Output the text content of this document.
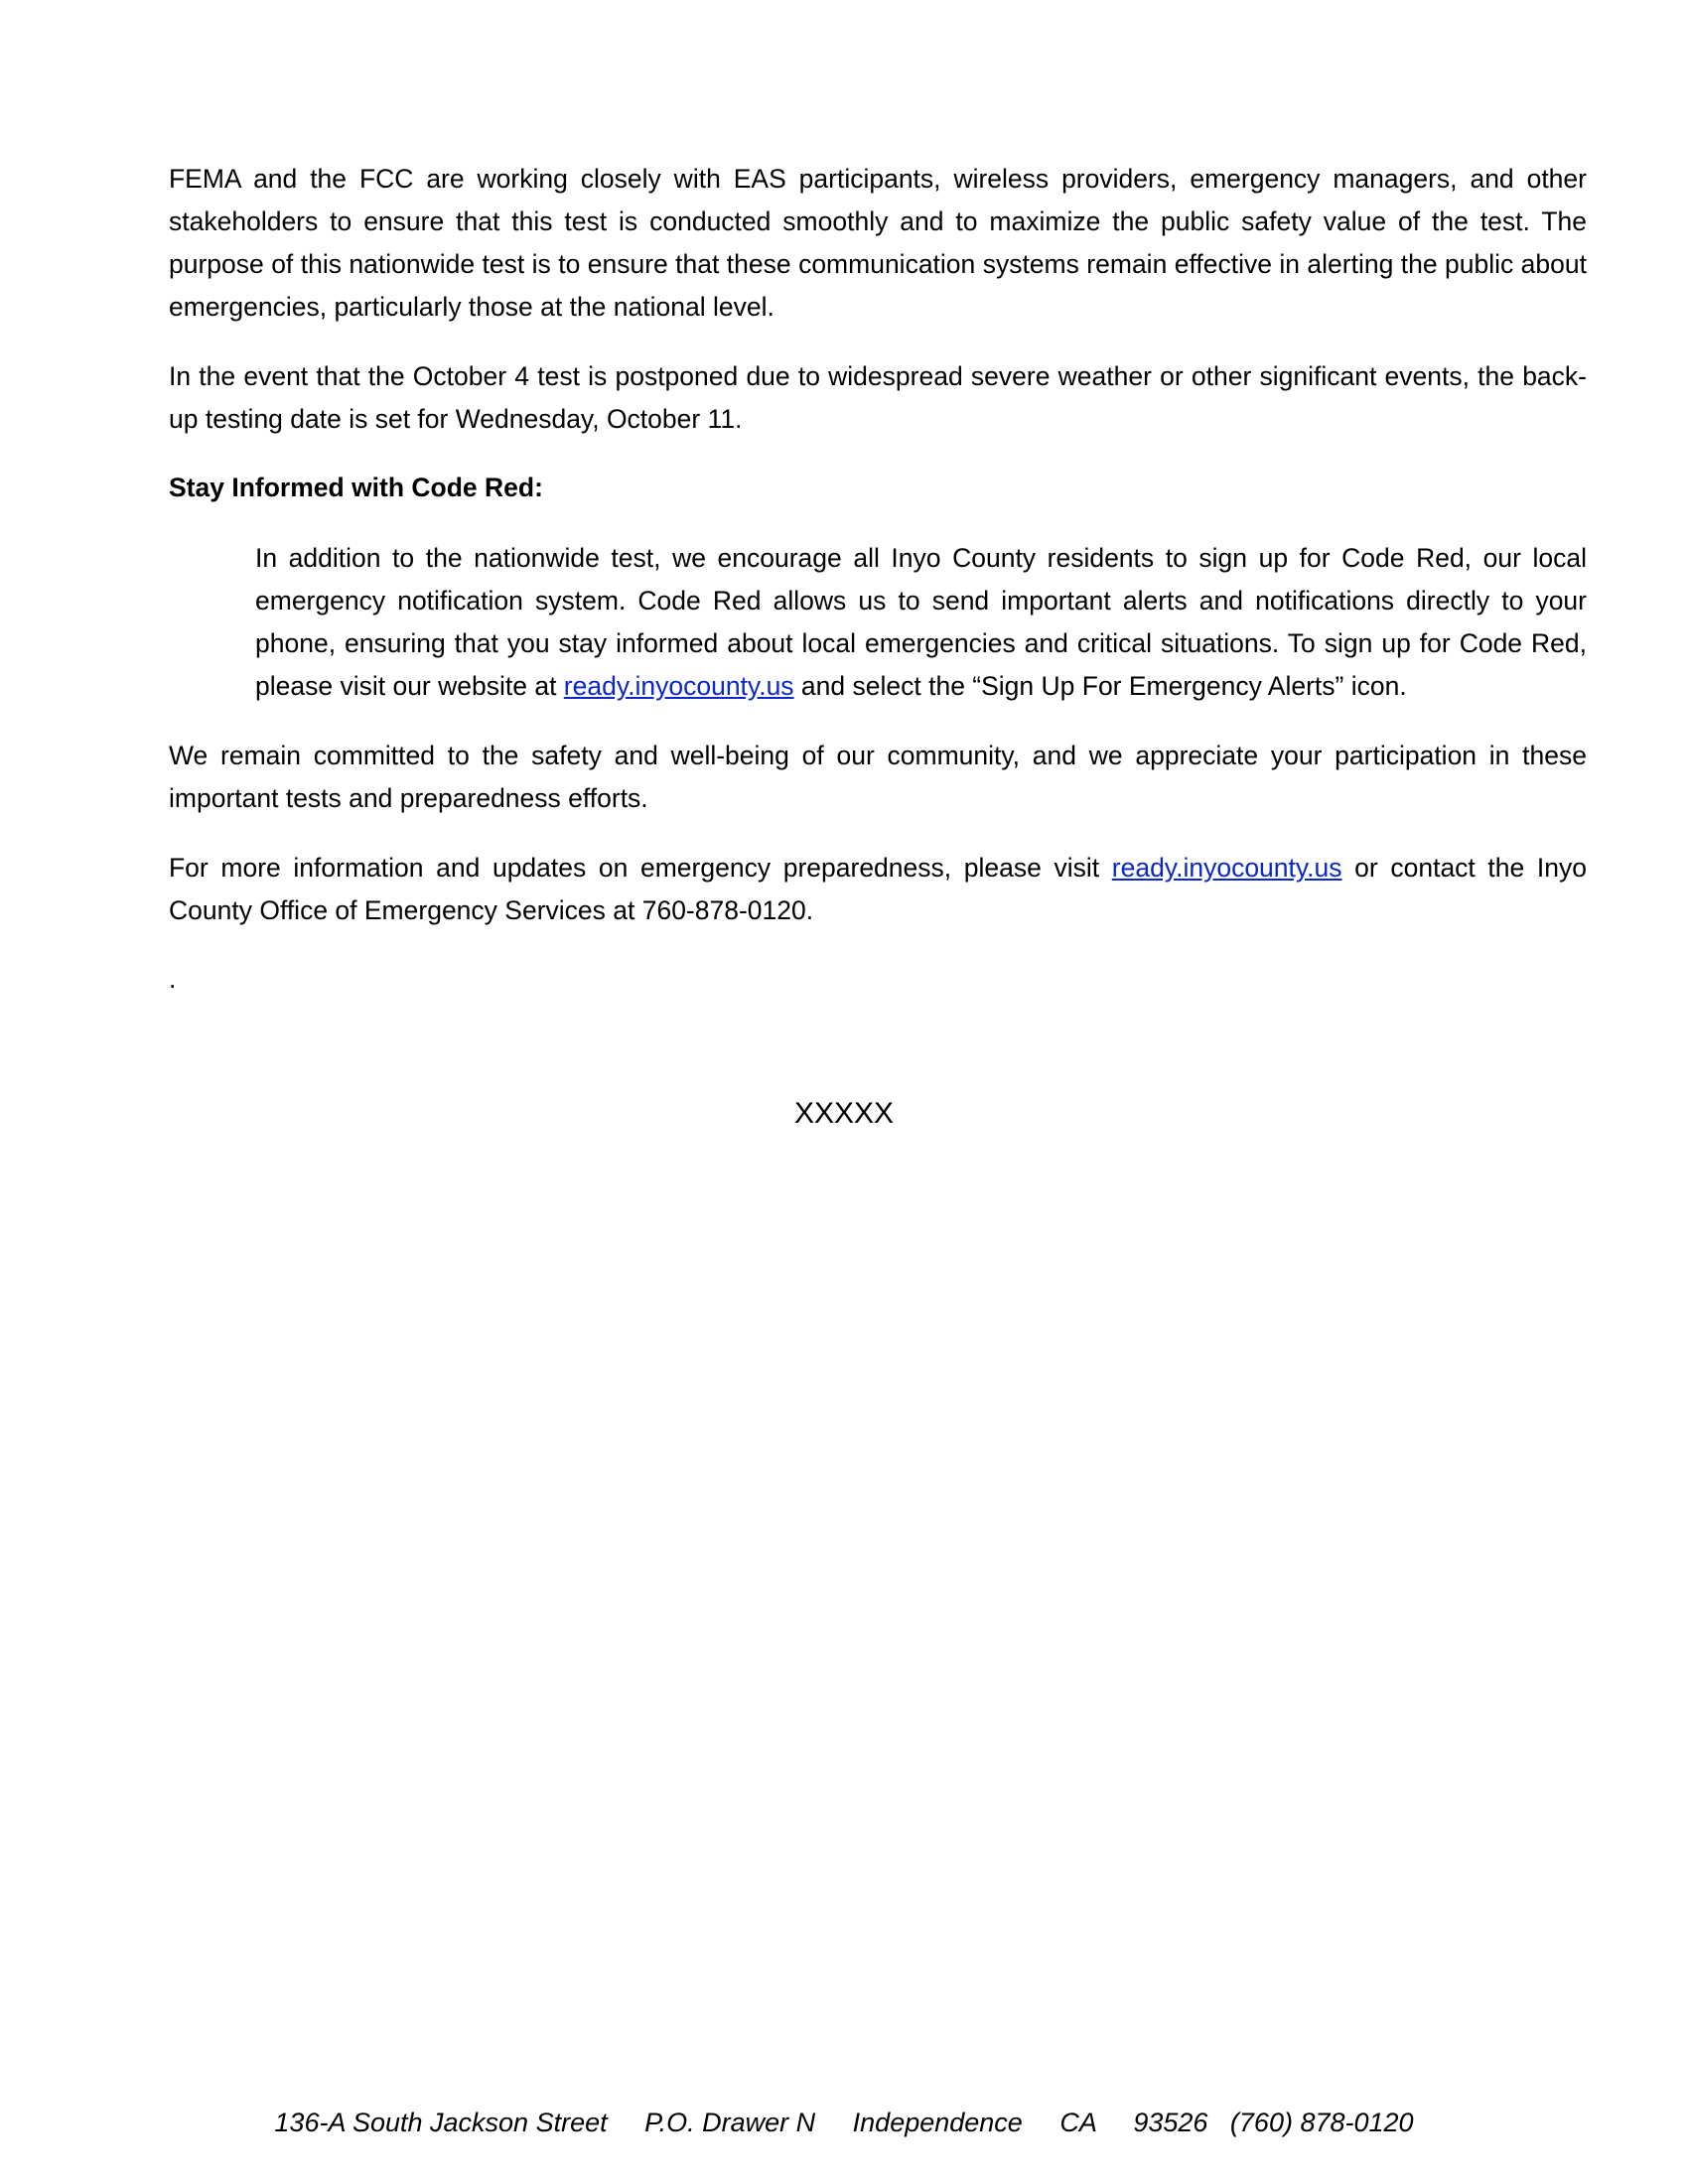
FEMA and the FCC are working closely with EAS participants, wireless providers, emergency managers, and other stakeholders to ensure that this test is conducted smoothly and to maximize the public safety value of the test. The purpose of this nationwide test is to ensure that these communication systems remain effective in alerting the public about emergencies, particularly those at the national level.

In the event that the October 4 test is postponed due to widespread severe weather or other significant events, the back-up testing date is set for Wednesday, October 11.

Stay Informed with Code Red:

In addition to the nationwide test, we encourage all Inyo County residents to sign up for Code Red, our local emergency notification system. Code Red allows us to send important alerts and notifications directly to your phone, ensuring that you stay informed about local emergencies and critical situations. To sign up for Code Red, please visit our website at ready.inyocounty.us and select the “Sign Up For Emergency Alerts” icon.

We remain committed to the safety and well-being of our community, and we appreciate your participation in these important tests and preparedness efforts.

For more information and updates on emergency preparedness, please visit ready.inyocounty.us or contact the Inyo County Office of Emergency Services at 760-878-0120.

.

XXXXX

136-A South Jackson Street     P.O. Drawer N     Independence     CA     93526   (760) 878-0120
